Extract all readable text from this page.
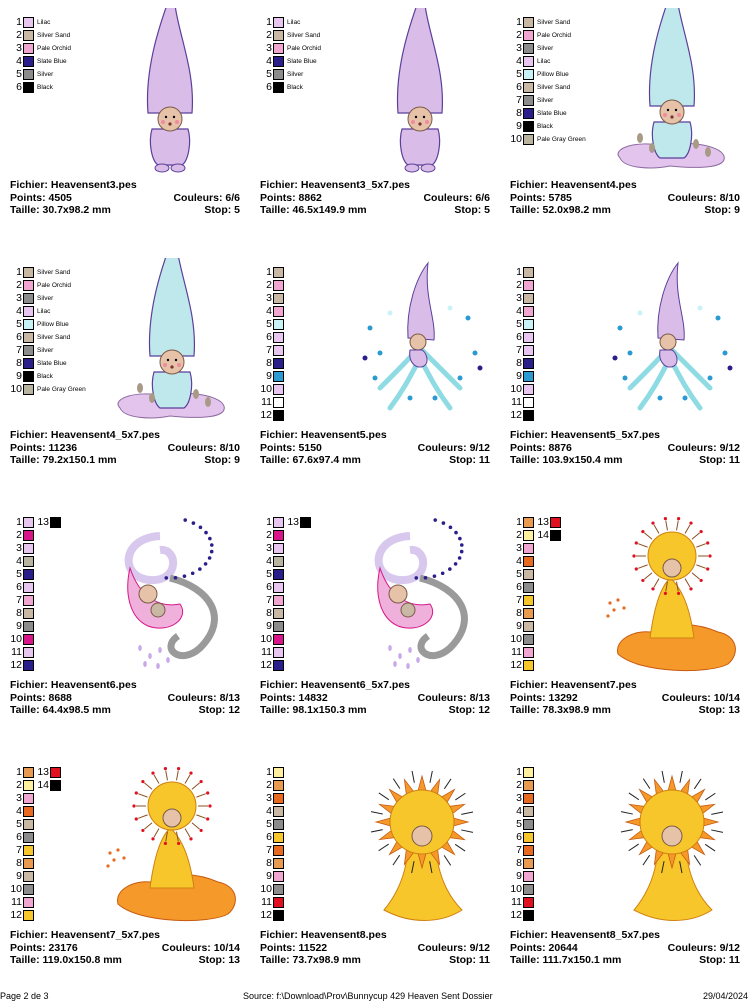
1 Lilac
2 Silver Sand
3 Pale Orchid
4 Slate Blue
5 Silver
6 Black
Fichier: Heavensent3.pes
Points: 4505	Couleurs: 6/6
Taille: 30.7x98.2 mm	Stop: 5
1 Lilac
2 Silver Sand
3 Pale Orchid
4 Slate Blue
5 Silver
6 Black
Fichier: Heavensent3_5x7.pes
Points: 8862	Couleurs: 6/6
Taille: 46.5x149.9 mm	Stop: 5
1 Silver Sand
2 Pale Orchid
3 Silver
4 Lilac
5 Pillow Blue
6 Silver Sand
7 Silver
8 Slate Blue
9 Black
10 Pale Gray Green
Fichier: Heavensent4.pes
Points: 5785	Couleurs: 8/10
Taille: 52.0x98.2 mm	Stop: 9
1 Silver Sand
2 Pale Orchid
3 Silver
4 Lilac
5 Pillow Blue
6 Silver Sand
7 Silver
8 Slate Blue
9 Black
10 Pale Gray Green
Fichier: Heavensent4_5x7.pes
Points: 11236	Couleurs: 8/10
Taille: 79.2x150.1 mm	Stop: 9
1
2
3
4
5
6
7
8
9
10
11
12
Fichier: Heavensent5.pes
Points: 5150	Couleurs: 9/12
Taille: 67.6x97.4 mm	Stop: 11
1
2
3
4
5
6
7
8
9
10
11
12
Fichier: Heavensent5_5x7.pes
Points: 8876	Couleurs: 9/12
Taille: 103.9x150.4 mm	Stop: 11
1 13
2
3
4
5
6
7
8
9
10
11
12
Fichier: Heavensent6.pes
Points: 8688	Couleurs: 8/13
Taille: 64.4x98.5 mm	Stop: 12
1 13
2
3
4
5
6
7
8
9
10
11
12
Fichier: Heavensent6_5x7.pes
Points: 14832	Couleurs: 8/13
Taille: 98.1x150.3 mm	Stop: 12
1 13
2 14
3
4
5
6
7
8
9
10
11
12
Fichier: Heavensent7.pes
Points: 13292	Couleurs: 10/14
Taille: 78.3x98.9 mm	Stop: 13
1 13
2 14
3
4
5
6
7
8
9
10
11
12
Fichier: Heavensent7_5x7.pes
Points: 23176	Couleurs: 10/14
Taille: 119.0x150.8 mm	Stop: 13
1
2
3
4
5
6
7
8
9
10
11
12
Fichier: Heavensent8.pes
Points: 11522	Couleurs: 9/12
Taille: 73.7x98.9 mm	Stop: 11
1
2
3
4
5
6
7
8
9
10
11
12
Fichier: Heavensent8_5x7.pes
Points: 20644	Couleurs: 9/12
Taille: 111.7x150.1 mm	Stop: 11
Page 2 de 3	Source: f:\Download\Prov\Bunnycup 429 Heaven Sent Dossier	29/04/2024
